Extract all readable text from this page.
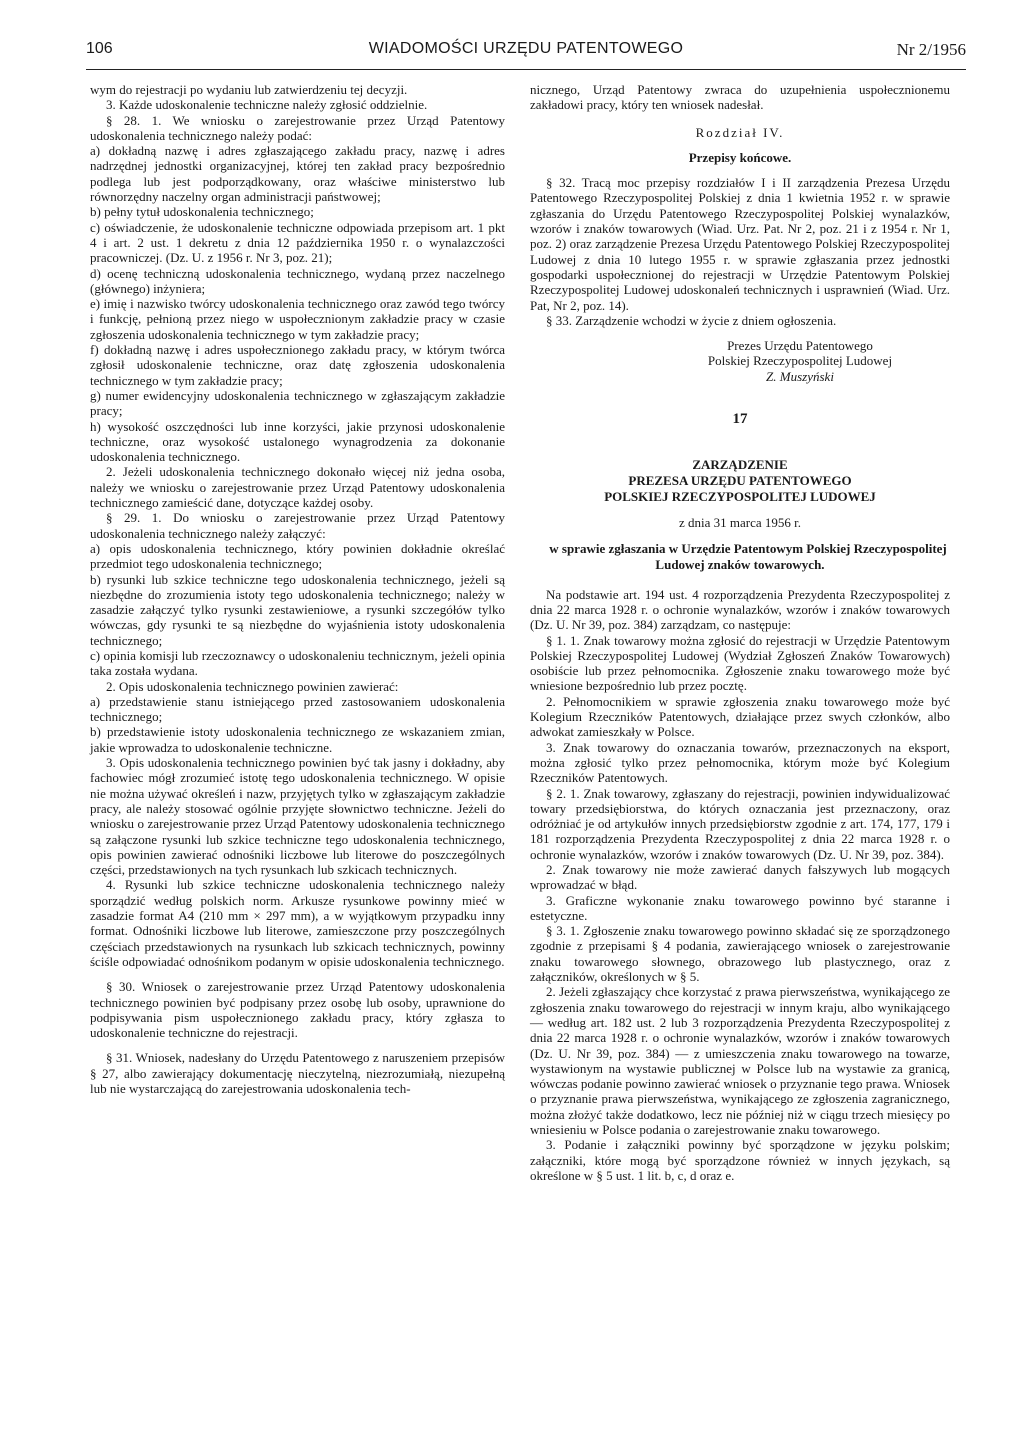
106	WIADOMOŚCI URZĘDU PATENTOWEGO	Nr 2/1956

wym do rejestracji po wydaniu lub zatwierdzeniu tej decyzji.

3. Każde udoskonalenie techniczne należy zgłosić oddzielnie.

§ 28. 1. We wniosku o zarejestrowanie przez Urząd Patentowy udoskonalenia technicznego należy podać:

a) dokładną nazwę i adres zgłaszającego zakładu pracy, nazwę i adres nadrzędnej jednostki organizacyjnej, której ten zakład pracy bezpośrednio podlega lub jest podporządkowany, oraz właściwe ministerstwo lub równorzędny naczelny organ administracji państwowej;

b) pełny tytuł udoskonalenia technicznego;

c) oświadczenie, że udoskonalenie techniczne odpowiada przepisom art. 1 pkt 4 i art. 2 ust. 1 dekretu z dnia 12 października 1950 r. o wynalazczości pracowniczej. (Dz. U. z 1956 r. Nr 3, poz. 21);

d) ocenę techniczną udoskonalenia technicznego, wydaną przez naczelnego (głównego) inżyniera;

e) imię i nazwisko twórcy udoskonalenia technicznego oraz zawód tego twórcy i funkcję, pełnioną przez niego w uspołecznionym zakładzie pracy w czasie zgłoszenia udoskonalenia technicznego w tym zakładzie pracy;

f) dokładną nazwę i adres uspołecznionego zakładu pracy, w którym twórca zgłosił udoskonalenie techniczne, oraz datę zgłoszenia udoskonalenia technicznego w tym zakładzie pracy;

g) numer ewidencyjny udoskonalenia technicznego w zgłaszającym zakładzie pracy;

h) wysokość oszczędności lub inne korzyści, jakie przynosi udoskonalenie techniczne, oraz wysokość ustalonego wynagrodzenia za dokonanie udoskonalenia technicznego.

2. Jeżeli udoskonalenia technicznego dokonało więcej niż jedna osoba, należy we wniosku o zarejestrowanie przez Urząd Patentowy udoskonalenia technicznego zamieścić dane, dotyczące każdej osoby.

§ 29. 1. Do wniosku o zarejestrowanie przez Urząd Patentowy udoskonalenia technicznego należy załączyć:

a) opis udoskonalenia technicznego, który powinien dokładnie określać przedmiot tego udoskonalenia technicznego;

b) rysunki lub szkice techniczne tego udoskonalenia technicznego, jeżeli są niezbędne do zrozumienia istoty tego udoskonalenia technicznego; należy w zasadzie załączyć tylko rysunki zestawieniowe, a rysunki szczegółów tylko wówczas, gdy rysunki te są niezbędne do wyjaśnienia istoty udoskonalenia technicznego;

c) opinia komisji lub rzeczoznawcy o udoskonaleniu technicznym, jeżeli opinia taka została wydana.

2. Opis udoskonalenia technicznego powinien zawierać:

a) przedstawienie stanu istniejącego przed zastosowaniem udoskonalenia technicznego;

b) przedstawienie istoty udoskonalenia technicznego ze wskazaniem zmian, jakie wprowadza to udoskonalenie techniczne.

3. Opis udoskonalenia technicznego powinien być tak jasny i dokładny, aby fachowiec mógł zrozumieć istotę tego udoskonalenia technicznego. W opisie nie można używać określeń i nazw, przyjętych tylko w zgłaszającym zakładzie pracy, ale należy stosować ogólnie przyjęte słownictwo techniczne. Jeżeli do wniosku o zarejestrowanie przez Urząd Patentowy udoskonalenia technicznego są załączone rysunki lub szkice techniczne tego udoskonalenia technicznego, opis powinien zawierać odnośniki liczbowe lub literowe do poszczególnych części, przedstawionych na tych rysunkach lub szkicach technicznych.

4. Rysunki lub szkice techniczne udoskonalenia technicznego należy sporządzić według polskich norm. Arkusze rysunkowe powinny mieć w zasadzie format A4 (210 mm × 297 mm), a w wyjątkowym przypadku inny format. Odnośniki liczbowe lub literowe, zamieszczone przy poszczególnych częściach przedstawionych na rysunkach lub szkicach technicznych, powinny ściśle odpowiadać odnośnikom podanym w opisie udoskonalenia technicznego.

§ 30. Wniosek o zarejestrowanie przez Urząd Patentowy udoskonalenia technicznego powinien być podpisany przez osobę lub osoby, uprawnione do podpisywania pism uspołecznionego zakładu pracy, który zgłasza to udoskonalenie techniczne do rejestracji.

§ 31. Wniosek, nadesłany do Urzędu Patentowego z naruszeniem przepisów § 27, albo zawierający dokumentację nieczytelną, niezrozumiałą, niezupełną lub nie wystarczającą do zarejestrowania udoskonalenia tech-

nicznego, Urząd Patentowy zwraca do uzupełnienia uspołecznionemu zakładowi pracy, który ten wniosek nadesłał.

Rozdział IV.

Przepisy końcowe.

§ 32. Tracą moc przepisy rozdziałów I i II zarządzenia Prezesa Urzędu Patentowego Rzeczypospolitej Polskiej z dnia 1 kwietnia 1952 r. w sprawie zgłaszania do Urzędu Patentowego Rzeczypospolitej Polskiej wynalazków, wzorów i znaków towarowych (Wiad. Urz. Pat. Nr 2, poz. 21 i z 1954 r. Nr 1, poz. 2) oraz zarządzenie Prezesa Urzędu Patentowego Polskiej Rzeczypospolitej Ludowej z dnia 10 lutego 1955 r. w sprawie zgłaszania przez jednostki gospodarki uspołecznionej do rejestracji w Urzędzie Patentowym Polskiej Rzeczypospolitej Ludowej udoskonaleń technicznych i usprawnień (Wiad. Urz. Pat, Nr 2, poz. 14).

§ 33. Zarządzenie wchodzi w życie z dniem ogłoszenia.

Prezes Urzędu Patentowego

Polskiej Rzeczypospolitej Ludowej

Z. Muszyński

17

ZARZĄDZENIE

PREZESA URZĘDU PATENTOWEGO

POLSKIEJ RZECZYPOSPOLITEJ LUDOWEJ

z dnia 31 marca 1956 r.

w sprawie zgłaszania w Urzędzie Patentowym Polskiej Rzeczypospolitej Ludowej znaków towarowych.

Na podstawie art. 194 ust. 4 rozporządzenia Prezydenta Rzeczypospolitej z dnia 22 marca 1928 r. o ochronie wynalazków, wzorów i znaków towarowych (Dz. U. Nr 39, poz. 384) zarządzam, co następuje:

§ 1. 1. Znak towarowy można zgłosić do rejestracji w Urzędzie Patentowym Polskiej Rzeczypospolitej Ludowej (Wydział Zgłoszeń Znaków Towarowych) osobiście lub przez pełnomocnika. Zgłoszenie znaku towarowego może być wniesione bezpośrednio lub przez pocztę.

2. Pełnomocnikiem w sprawie zgłoszenia znaku towarowego może być Kolegium Rzeczników Patentowych, działające przez swych członków, albo adwokat zamieszkały w Polsce.

3. Znak towarowy do oznaczania towarów, przeznaczonych na eksport, można zgłosić tylko przez pełnomocnika, którym może być Kolegium Rzeczników Patentowych.

§ 2. 1. Znak towarowy, zgłaszany do rejestracji, powinien indywidualizować towary przedsiębiorstwa, do których oznaczania jest przeznaczony, oraz odróżniać je od artykułów innych przedsiębiorstw zgodnie z art. 174, 177, 179 i 181 rozporządzenia Prezydenta Rzeczypospolitej z dnia 22 marca 1928 r. o ochronie wynalazków, wzorów i znaków towarowych (Dz. U. Nr 39, poz. 384).

2. Znak towarowy nie może zawierać danych fałszywych lub mogących wprowadzać w błąd.

3. Graficzne wykonanie znaku towarowego powinno być staranne i estetyczne.

§ 3. 1. Zgłoszenie znaku towarowego powinno składać się ze sporządzonego zgodnie z przepisami § 4 podania, zawierającego wniosek o zarejestrowanie znaku towarowego słownego, obrazowego lub plastycznego, oraz z załączników, określonych w § 5.

2. Jeżeli zgłaszający chce korzystać z prawa pierwszeństwa, wynikającego ze zgłoszenia znaku towarowego do rejestracji w innym kraju, albo wynikającego — według art. 182 ust. 2 lub 3 rozporządzenia Prezydenta Rzeczypospolitej z dnia 22 marca 1928 r. o ochronie wynalazków, wzorów i znaków towarowych (Dz. U. Nr 39, poz. 384) — z umieszczenia znaku towarowego na towarze, wystawionym na wystawie publicznej w Polsce lub na wystawie za granicą, wówczas podanie powinno zawierać wniosek o przyznanie tego prawa. Wniosek o przyznanie prawa pierwszeństwa, wynikającego ze zgłoszenia zagranicznego, można złożyć także dodatkowo, lecz nie później niż w ciągu trzech miesięcy po wniesieniu w Polsce podania o zarejestrowanie znaku towarowego.

3. Podanie i załączniki powinny być sporządzone w języku polskim; załączniki, które mogą być sporządzone również w innych językach, są określone w § 5 ust. 1 lit. b, c, d oraz e.
